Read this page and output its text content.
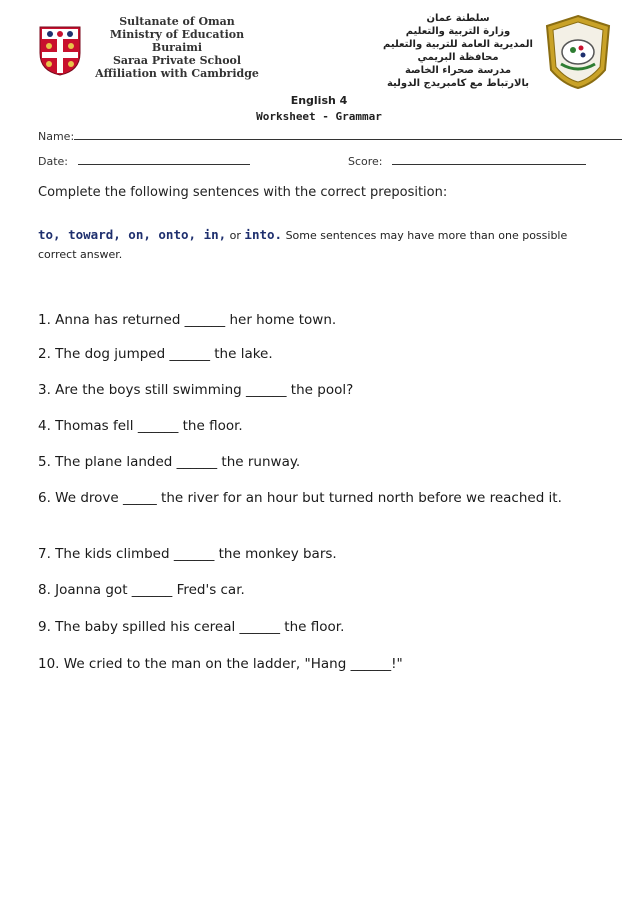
Sultanate of Oman
Ministry of Education
Buraimi
Saraa Private School
Affiliation with Cambridge
سلطنة عمان
وزارة التربية والتعليم
المديرية العامة للتربية والتعليم
محافظة البريمي
مدرسة صحراء الخاصة
بالارتباط مع كامبريدج الدولية
English 4
Worksheet - Grammar
Name:
Date:	Score:
Complete the following sentences with the correct preposition:
to, toward, on, onto, in, or into. Some sentences may have more than one possible correct answer.
1. Anna has returned ______ her home town.
2. The dog jumped ______ the lake.
3. Are the boys still swimming ______ the pool?
4. Thomas fell ______ the floor.
5. The plane landed ______ the runway.
6. We drove _____ the river for an hour but turned north before we reached it.
7. The kids climbed ______ the monkey bars.
8. Joanna got ______ Fred's car.
9. The baby spilled his cereal ______ the floor.
10. We cried to the man on the ladder, "Hang ______!"
